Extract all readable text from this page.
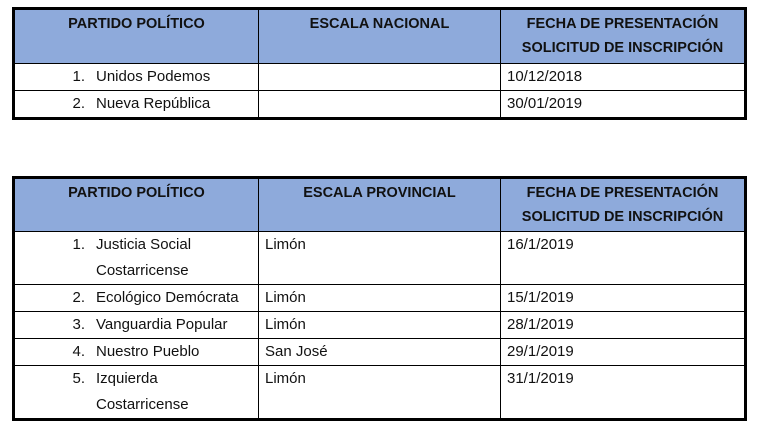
PARTIDO POLÍTICO	ESCALA NACIONAL	FECHA DE PRESENTACIÓN SOLICITUD DE INSCRIPCIÓN

1. Unidos Podemos		10/12/2018

2. Nueva República		30/01/2019
PARTIDO POLÍTICO	ESCALA PROVINCIAL	FECHA DE PRESENTACIÓN SOLICITUD DE INSCRIPCIÓN

1. Justicia Social Costarricense	Limón	16/1/2019

2. Ecológico Demócrata	Limón	15/1/2019

3. Vanguardia Popular	Limón	28/1/2019

4. Nuestro Pueblo	San José	29/1/2019

5. Izquierda Costarricense	Limón	31/1/2019
